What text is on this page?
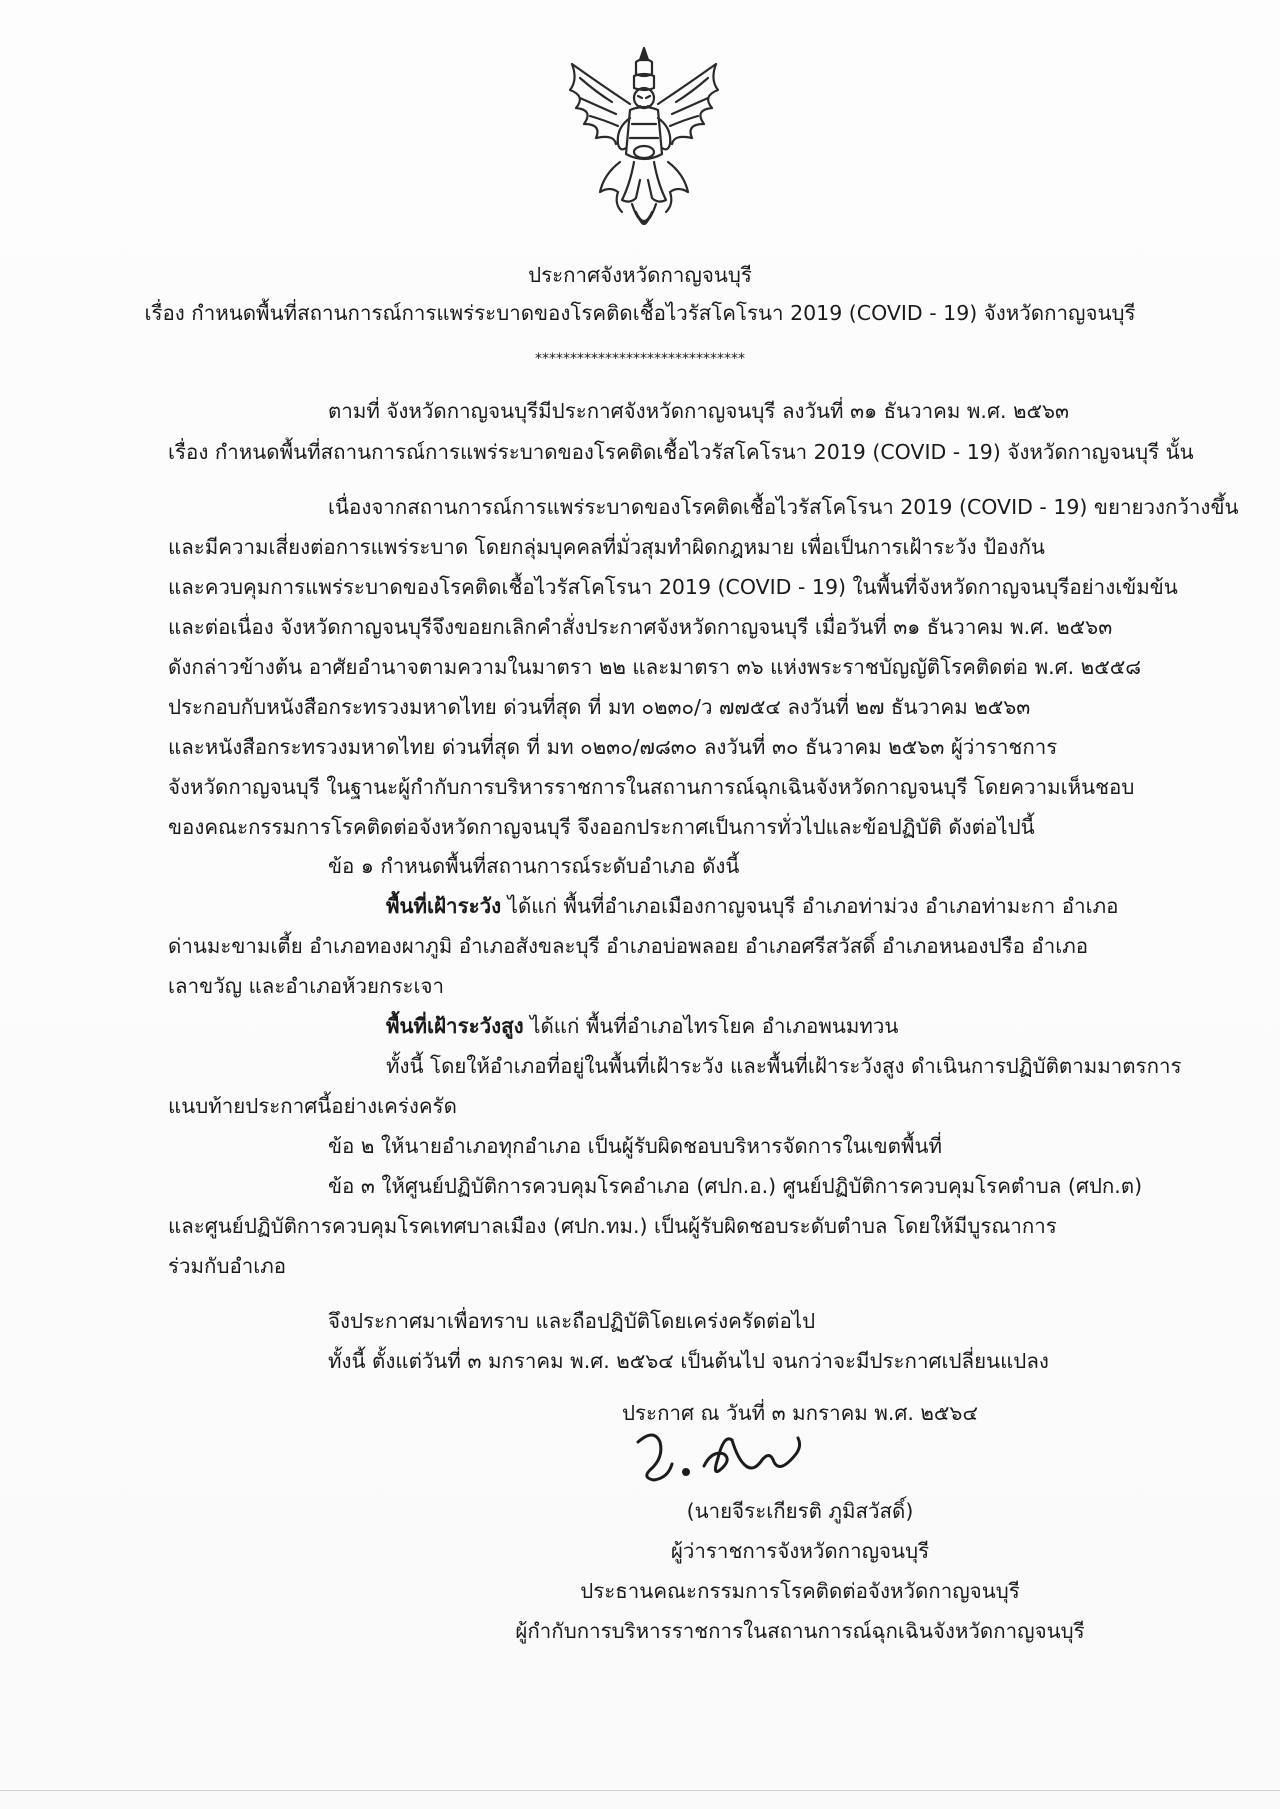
ประกาศจังหวัดกาญจนบุรี
เรื่อง กำหนดพื้นที่สถานการณ์การแพร่ระบาดของโรคติดเชื้อไวรัสโคโรนา 2019 (COVID - 19) จังหวัดกาญจนบุรี
******************************
ตามที่ จังหวัดกาญจนบุรีมีประกาศจังหวัดกาญจนบุรี ลงวันที่ ๓๑ ธันวาคม พ.ศ. ๒๕๖๓
เรื่อง กำหนดพื้นที่สถานการณ์การแพร่ระบาดของโรคติดเชื้อไวรัสโคโรนา 2019 (COVID - 19) จังหวัดกาญจนบุรี นั้น
เนื่องจากสถานการณ์การแพร่ระบาดของโรคติดเชื้อไวรัสโคโรนา 2019 (COVID - 19) ขยายวงกว้างขึ้น
และมีความเสี่ยงต่อการแพร่ระบาด โดยกลุ่มบุคคลที่มั่วสุมทำผิดกฎหมาย เพื่อเป็นการเฝ้าระวัง ป้องกัน
และควบคุมการแพร่ระบาดของโรคติดเชื้อไวรัสโคโรนา 2019 (COVID - 19) ในพื้นที่จังหวัดกาญจนบุรีอย่างเข้มข้น
และต่อเนื่อง จังหวัดกาญจนบุรีจึงขอยกเลิกคำสั่งประกาศจังหวัดกาญจนบุรี เมื่อวันที่ ๓๑ ธันวาคม พ.ศ. ๒๕๖๓
ดังกล่าวข้างต้น อาศัยอำนาจตามความในมาตรา ๒๒ และมาตรา ๓๖ แห่งพระราชบัญญัติโรคติดต่อ พ.ศ. ๒๕๕๘
ประกอบกับหนังสือกระทรวงมหาดไทย ด่วนที่สุด ที่ มท ๐๒๓๐/ว ๗๗๕๔ ลงวันที่ ๒๗ ธันวาคม ๒๕๖๓
และหนังสือกระทรวงมหาดไทย ด่วนที่สุด ที่ มท ๐๒๓๐/๗๘๓๐ ลงวันที่ ๓๐ ธันวาคม ๒๕๖๓ ผู้ว่าราชการ
จังหวัดกาญจนบุรี ในฐานะผู้กำกับการบริหารราชการในสถานการณ์ฉุกเฉินจังหวัดกาญจนบุรี โดยความเห็นชอบ
ของคณะกรรมการโรคติดต่อจังหวัดกาญจนบุรี จึงออกประกาศเป็นการทั่วไปและข้อปฏิบัติ ดังต่อไปนี้
ข้อ ๑ กำหนดพื้นที่สถานการณ์ระดับอำเภอ ดังนี้
พื้นที่เฝ้าระวัง ได้แก่ พื้นที่อำเภอเมืองกาญจนบุรี อำเภอท่าม่วง อำเภอท่ามะกา อำเภอ
ด่านมะขามเตี้ย อำเภอทองผาภูมิ อำเภอสังขละบุรี อำเภอบ่อพลอย อำเภอศรีสวัสดิ์ อำเภอหนองปรือ อำเภอ
เลาขวัญ และอำเภอห้วยกระเจา
พื้นที่เฝ้าระวังสูง ได้แก่ พื้นที่อำเภอไทรโยค อำเภอพนมทวน
ทั้งนี้ โดยให้อำเภอที่อยู่ในพื้นที่เฝ้าระวัง และพื้นที่เฝ้าระวังสูง ดำเนินการปฏิบัติตามมาตรการ
แนบท้ายประกาศนี้อย่างเคร่งครัด
ข้อ ๒ ให้นายอำเภอทุกอำเภอ เป็นผู้รับผิดชอบบริหารจัดการในเขตพื้นที่
ข้อ ๓ ให้ศูนย์ปฏิบัติการควบคุมโรคอำเภอ (ศปก.อ.) ศูนย์ปฏิบัติการควบคุมโรคตำบล (ศปก.ต)
และศูนย์ปฏิบัติการควบคุมโรคเทศบาลเมือง (ศปก.ทม.) เป็นผู้รับผิดชอบระดับตำบล โดยให้มีบูรณาการ
ร่วมกับอำเภอ
จึงประกาศมาเพื่อทราบ และถือปฏิบัติโดยเคร่งครัดต่อไป
ทั้งนี้ ตั้งแต่วันที่ ๓ มกราคม พ.ศ. ๒๕๖๔ เป็นต้นไป จนกว่าจะมีประกาศเปลี่ยนแปลง
ประกาศ ณ วันที่ ๓ มกราคม พ.ศ. ๒๕๖๔
(นายจีระเกียรติ ภูมิสวัสดิ์)
ผู้ว่าราชการจังหวัดกาญจนบุรี
ประธานคณะกรรมการโรคติดต่อจังหวัดกาญจนบุรี
ผู้กำกับการบริหารราชการในสถานการณ์ฉุกเฉินจังหวัดกาญจนบุรี
